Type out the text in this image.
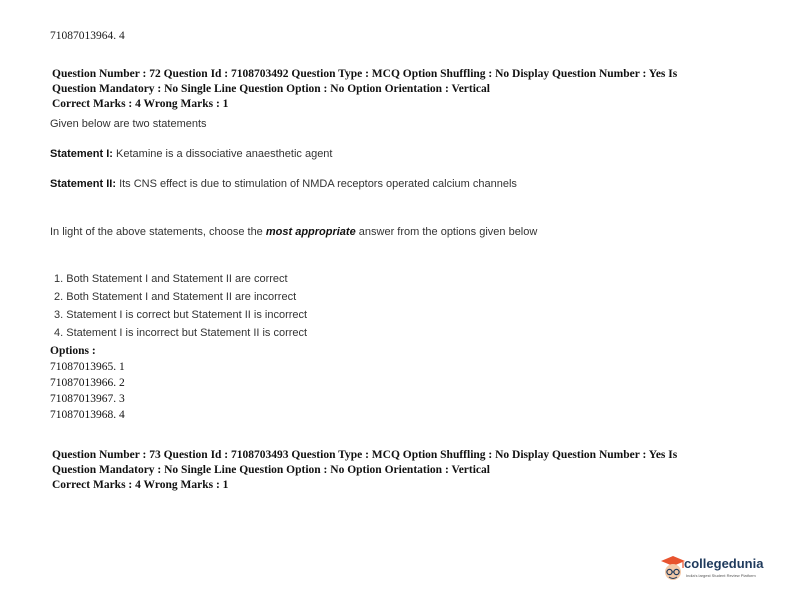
71087013964. 4
Question Number : 72 Question Id : 7108703492 Question Type : MCQ Option Shuffling : No Display Question Number : Yes Is
Question Mandatory : No Single Line Question Option : No Option Orientation : Vertical
Correct Marks : 4 Wrong Marks : 1
Given below are two statements
Statement I: Ketamine is a dissociative anaesthetic agent
Statement II: Its CNS effect is due to stimulation of NMDA receptors operated calcium channels
In light of the above statements, choose the most appropriate answer from the options given below
1. Both Statement I and Statement II are correct
2. Both Statement I and Statement II are incorrect
3. Statement I is correct but Statement II is incorrect
4. Statement I is incorrect but Statement II is correct
Options :
71087013965. 1
71087013966. 2
71087013967. 3
71087013968. 4
Question Number : 73 Question Id : 7108703493 Question Type : MCQ Option Shuffling : No Display Question Number : Yes Is
Question Mandatory : No Single Line Question Option : No Option Orientation : Vertical
Correct Marks : 4 Wrong Marks : 1
collegedunia
India's largest Student Review Platform
